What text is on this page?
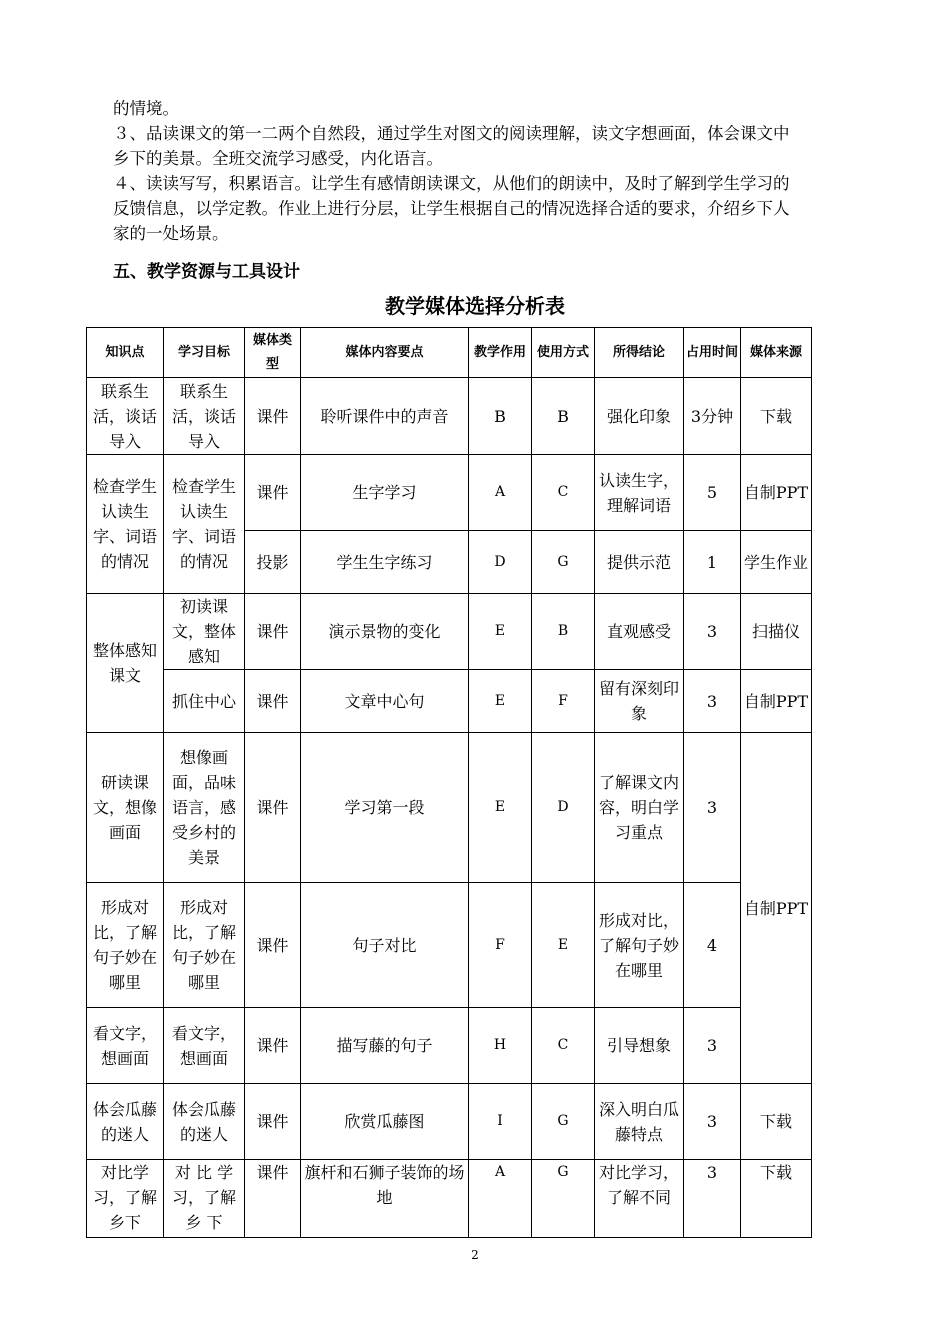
的情境。
３、品读课文的第一二两个自然段，通过学生对图文的阅读理解，读文字想画面，体会课文中乡下的美景。全班交流学习感受，内化语言。
４、读读写写，积累语言。让学生有感情朗读课文，从他们的朗读中，及时了解到学生学习的反馈信息，以学定教。作业上进行分层，让学生根据自己的情况选择合适的要求，介绍乡下人家的一处场景。
五、教学资源与工具设计
教学媒体选择分析表
知识点	学习目标	媒体类型	媒体内容要点	教学作用	使用方式	所得结论	占用时间	媒体来源
联系生活，谈话导入	联系生活，谈话导入	课件	聆听课件中的声音	B	B	强化印象	3分钟	下载
检查学生认读生字、词语的情况	检查学生认读生字、词语的情况	课件	生字学习	A	C	认读生字，理解词语	5	自制PPT
		投影	学生生字练习	D	G	提供示范	1	学生作业
整体感知课文	初读课文，整体感知	课件	演示景物的变化	E	B	直观感受	3	扫描仪
	抓住中心	课件	文章中心句	E	F	留有深刻印象	3	自制PPT
研读课文，想像画面	想像画面，品味语言，感受乡村的美景	课件	学习第一段	E	D	了解课文内容，明白学习重点	3	自制PPT
形成对比，了解句子妙在哪里	形成对比，了解句子妙在哪里	课件	句子对比	F	E	形成对比，了解句子妙在哪里	4	
看文字，想画面	看文字，想画面	课件	描写藤的句子	H	C	引导想象	3	
体会瓜藤的迷人	体会瓜藤的迷人	课件	欣赏瓜藤图	I	G	深入明白瓜藤特点	3	下载
对比学习，了解乡下	对 比 学习，了解 乡 下	课件	旗杆和石狮子装饰的场地	A	G	对比学习，了解不同	3	下载
2
